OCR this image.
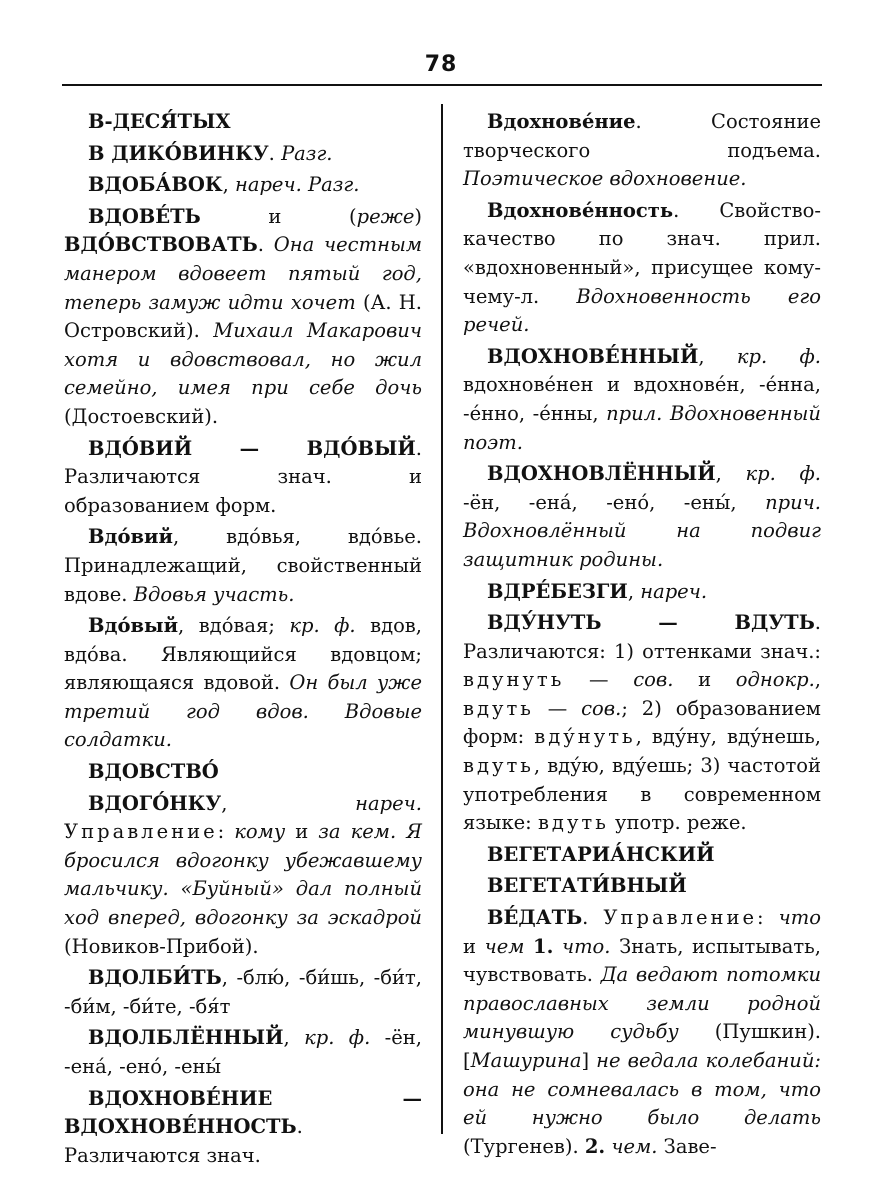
78

В-ДЕСЯ́ТЫХ

В ДИКО́ВИНКУ. Разг.

ВДОБА́ВОК, нареч. Разг.

ВДОВЕ́ТЬ и (реже) ВДО́ВСТВОВАТЬ. Она честным манером вдовеет пятый год, теперь замуж идти хочет (А. Н. Островский). Михаил Макарович хотя и вдовствовал, но жил семейно, имея при себе дочь (Достоевский).

ВДО́ВИЙ — ВДО́ВЫЙ. Различаются знач. и образованием форм.

Вдо́вий, вдо́вья, вдо́вье. Принадлежащий, свойственный вдове. Вдовья участь.

Вдо́вый, вдо́вая; кр. ф. вдов, вдо́ва. Являющийся вдовцом; являющаяся вдовой. Он был уже третий год вдов. Вдовые солдатки.

ВДОВСТВО́

ВДОГО́НКУ, нареч. Управление: кому и за кем. Я бросился вдогонку убежавшему мальчику. «Буйный» дал полный ход вперед, вдогонку за эскадрой (Новиков-Прибой).

ВДОЛБИ́ТЬ, -блю́, -би́шь, -би́т, -би́м, -би́те, -бя́т

ВДОЛБЛЁННЫЙ, кр. ф. -ён, -ена́, -ено́, -ены́

ВДОХНОВЕ́НИЕ — ВДОХНОВЕ́ННОСТЬ. Различаются знач.

Вдохнове́ние. Состояние творческого подъема. Поэтическое вдохновение.

Вдохнове́нность. Свойство-качество по знач. прил. «вдохновенный», присущее кому-чему-л. Вдохновенность его речей.

ВДОХНОВЕ́ННЫЙ, кр. ф. вдохнове́нен и вдохновéн, -е́нна, -е́нно, -е́нны, прил. Вдохновенный поэт.

ВДОХНОВЛЁННЫЙ, кр. ф. -ён, -ена́, -ено́, -ены́, прич. Вдохновлённый на подвиг защитник родины.

ВДРЕ́БЕЗГИ, нареч.

ВДУ́НУТЬ — ВДУТЬ. Различаются: 1) оттенками знач.: вдунуть — сов. и однокр., вдуть — сов.; 2) образованием форм: вду́нуть, вду́ну, вду́нешь, вдуть, вду́ю, вду́ешь; 3) частотой употребления в современном языке: вдуть употр. реже.

ВЕГЕТАРИА́НСКИЙ

ВЕГЕТАТИ́ВНЫЙ

ВЕ́ДАТЬ. Управление: что и чем 1. что. Знать, испытывать, чувствовать. Да ведают потомки православных земли родной минувшую судьбу (Пушкин). [Машурина] не ведала колебаний: она не сомневалась в том, что ей нужно было делать (Тургенев). 2. чем. Заве-
